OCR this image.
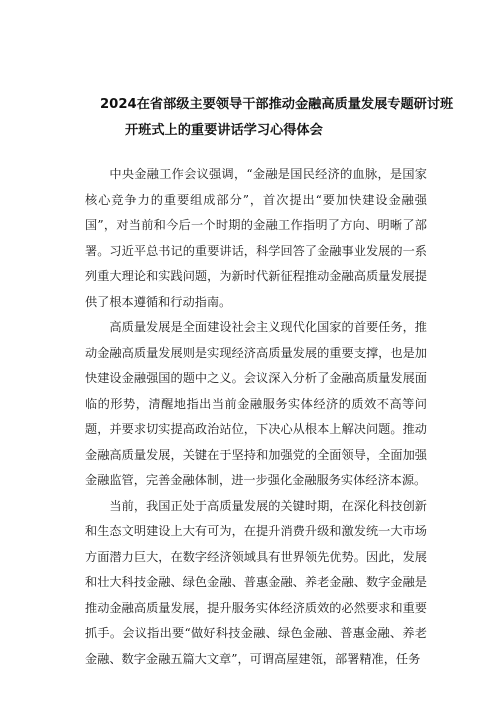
2024在省部级主要领导干部推动金融高质量发展专题研讨班
开班式上的重要讲话学习心得体会

中央金融工作会议强调，“金融是国民经济的血脉，是国家核心竞争力的重要组成部分”，首次提出“要加快建设金融强国”，对当前和今后一个时期的金融工作指明了方向、明晰了部署。习近平总书记的重要讲话，科学回答了金融事业发展的一系列重大理论和实践问题，为新时代新征程推动金融高质量发展提供了根本遵循和行动指南。

高质量发展是全面建设社会主义现代化国家的首要任务，推动金融高质量发展则是实现经济高质量发展的重要支撑，也是加快建设金融强国的题中之义。会议深入分析了金融高质量发展面临的形势，清醒地指出当前金融服务实体经济的质效不高等问题，并要求切实提高政治站位，下决心从根本上解决问题。推动金融高质量发展，关键在于坚持和加强党的全面领导，全面加强金融监管，完善金融体制，进一步强化金融服务实体经济本源。

当前，我国正处于高质量发展的关键时期，在深化科技创新和生态文明建设上大有可为，在提升消费升级和激发统一大市场方面潜力巨大，在数字经济领域具有世界领先优势。因此，发展和壮大科技金融、绿色金融、普惠金融、养老金融、数字金融是推动金融高质量发展，提升服务实体经济质效的必然要求和重要抓手。会议指出要“做好科技金融、绿色金融、普惠金融、养老金融、数字金融五篇大文章”，可谓高屋建瓴，部署精准，任务
